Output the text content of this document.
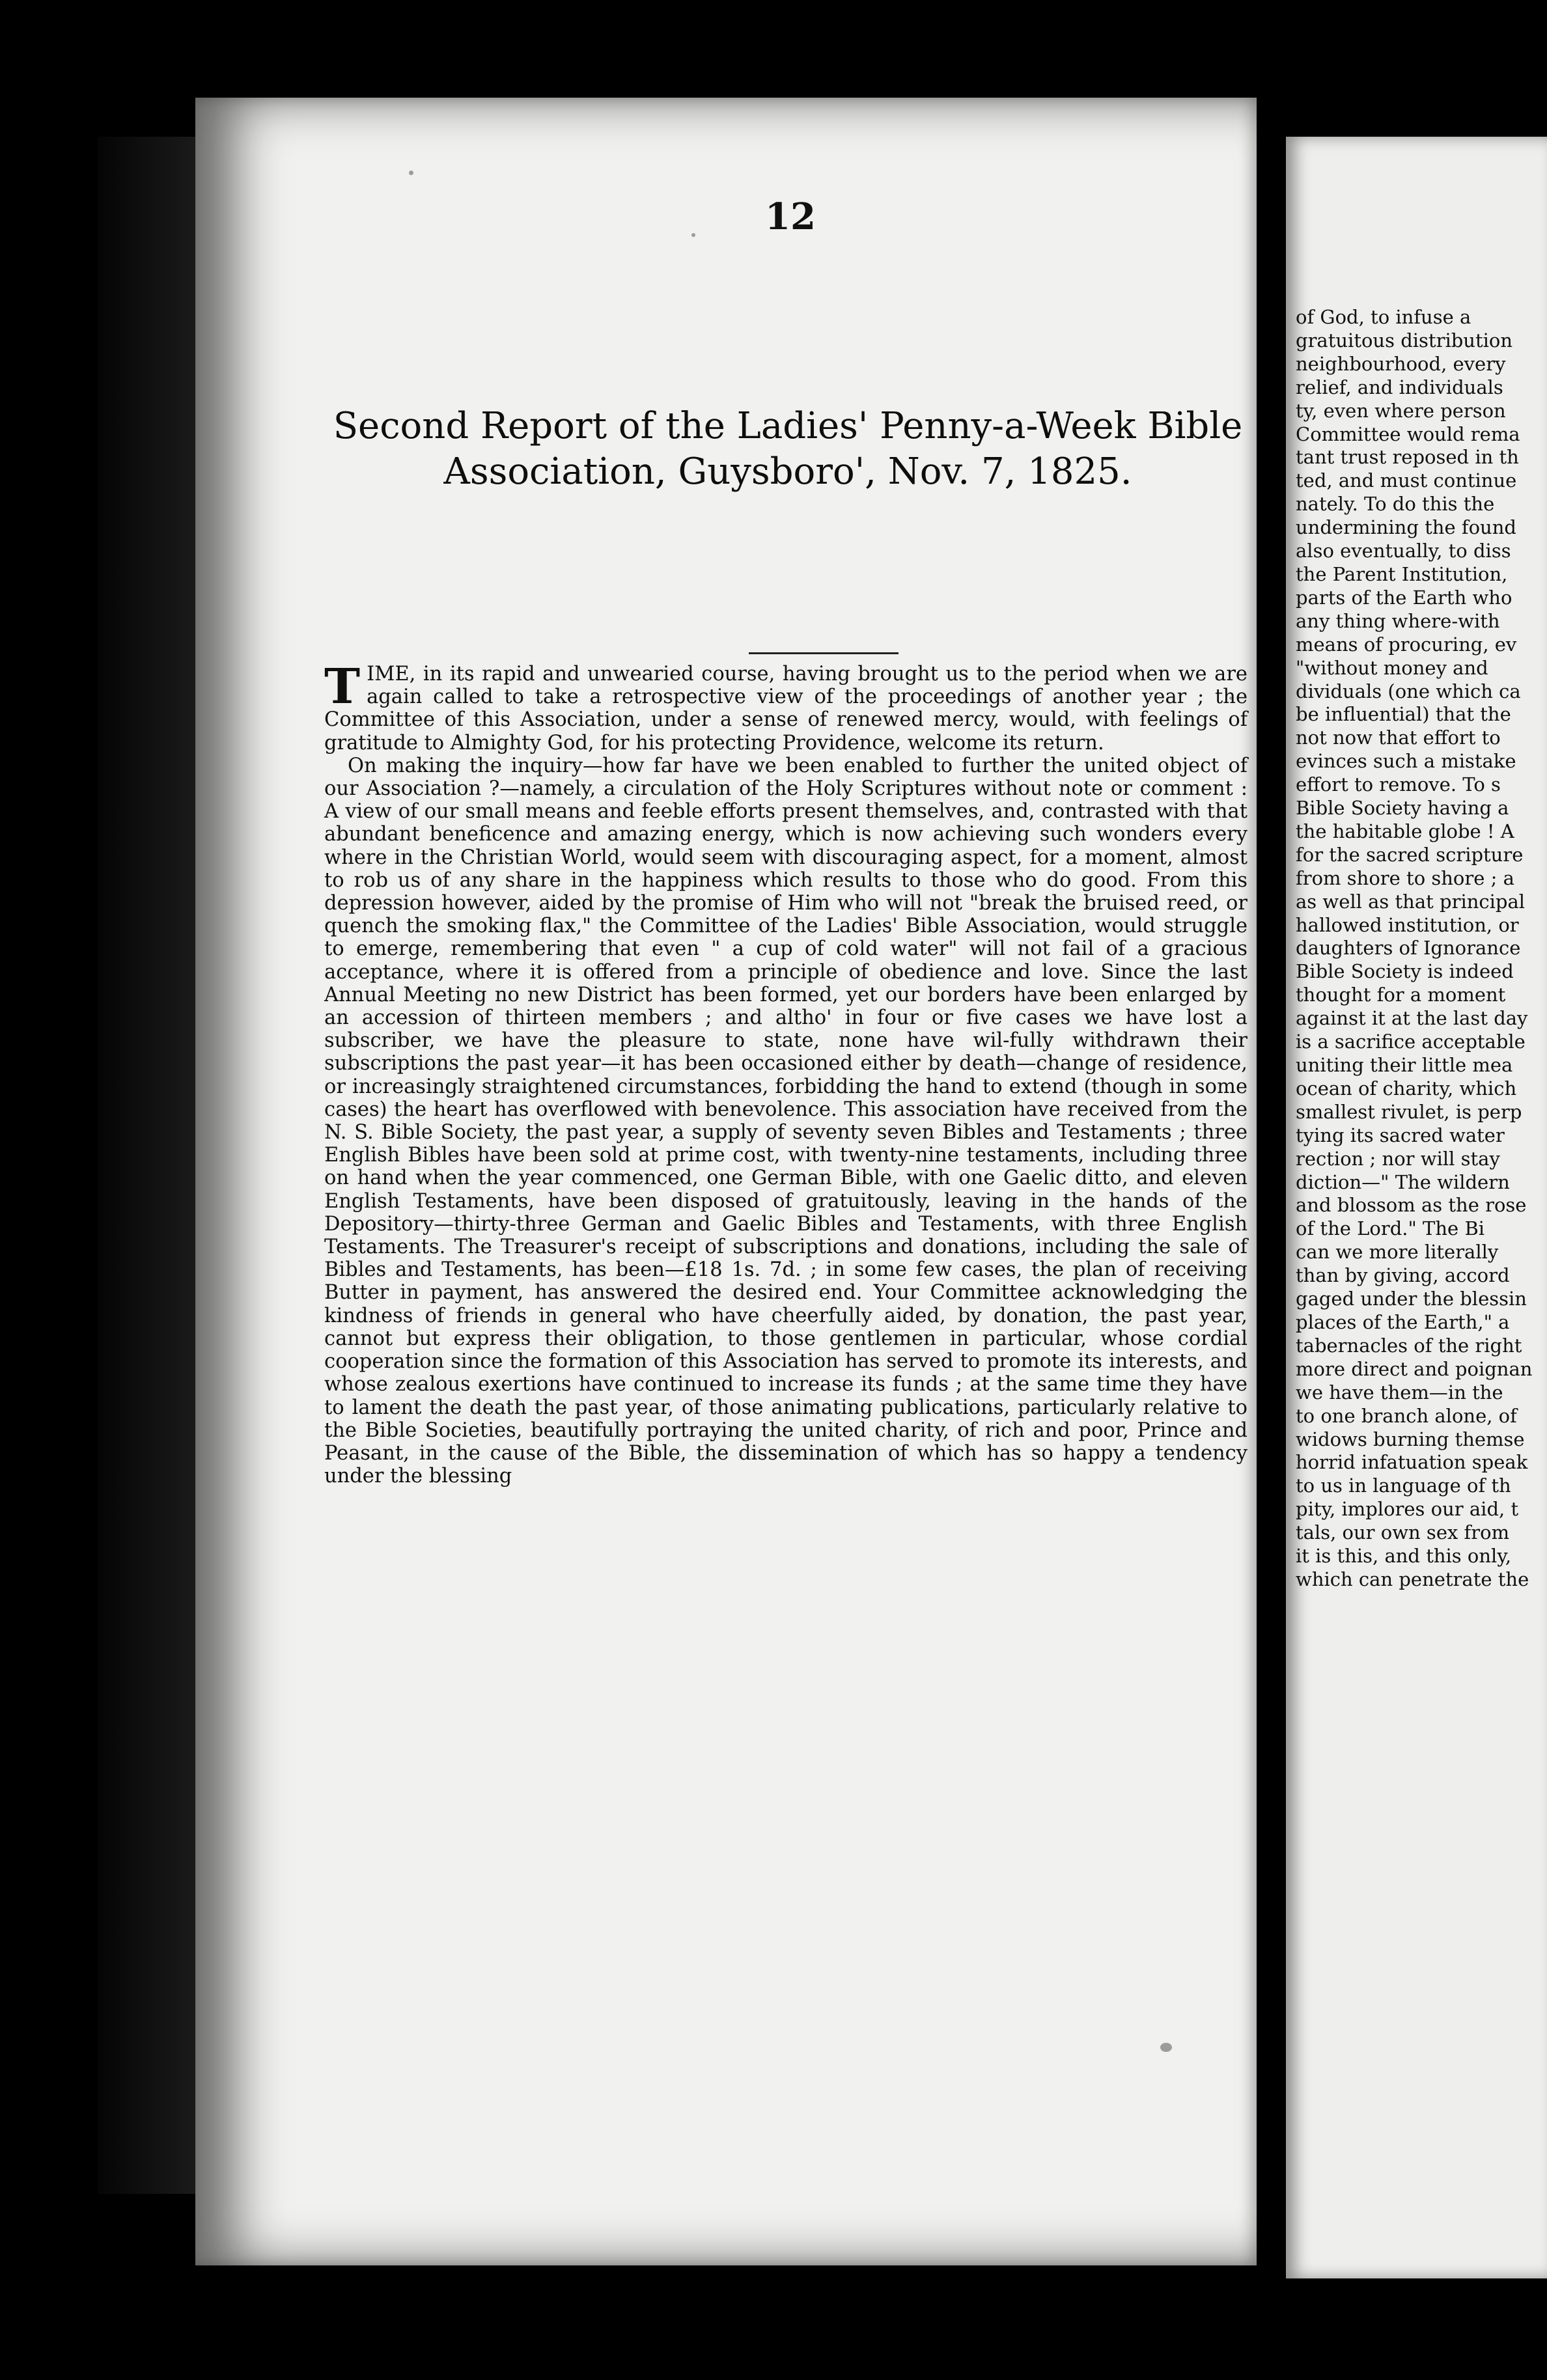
12
Second Report of the Ladies' Penny-a-Week Bible
Association, Guysboro', Nov. 7, 1825.

TIME, in its rapid and unwearied course, having brought us to the period when we are again called to take a retrospective view of the proceedings of another year ; the Committee of this Association, under a sense of renewed mercy, would, with feelings of gratitude to Almighty God, for his protecting Providence, welcome its return.

On making the inquiry—how far have we been enabled to further the united object of our Association ?—namely, a circulation of the Holy Scriptures without note or comment : A view of our small means and feeble efforts present themselves, and, contrasted with that abundant beneficence and amazing energy, which is now achieving such wonders every where in the Christian World, would seem with discouraging aspect, for a moment, almost to rob us of any share in the happiness which results to those who do good. From this depression however, aided by the promise of Him who will not "break the bruised reed, or quench the smoking flax," the Committee of the Ladies' Bible Association, would struggle to emerge, remembering that even " a cup of cold water" will not fail of a gracious acceptance, where it is offered from a principle of obedience and love. Since the last Annual Meeting no new District has been formed, yet our borders have been enlarged by an accession of thirteen members ; and altho' in four or five cases we have lost a subscriber, we have the pleasure to state, none have wil-fully withdrawn their subscriptions the past year—it has been occasioned either by death—change of residence, or increasingly straightened circumstances, forbidding the hand to extend (though in some cases) the heart has overflowed with benevolence. This association have received from the N. S. Bible Society, the past year, a supply of seventy seven Bibles and Testaments ; three English Bibles have been sold at prime cost, with twenty-nine testaments, including three on hand when the year commenced, one German Bible, with one Gaelic ditto, and eleven English Testaments, have been disposed of gratuitously, leaving in the hands of the Depository—thirty-three German and Gaelic Bibles and Testaments, with three English Testaments. The Treasurer's receipt of subscriptions and donations, including the sale of Bibles and Testaments, has been—£18 1s. 7d. ; in some few cases, the plan of receiving Butter in payment, has answered the desired end. Your Committee acknowledging the kindness of friends in general who have cheerfully aided, by donation, the past year, cannot but express their obligation, to those gentlemen in particular, whose cordial cooperation since the formation of this Association has served to promote its interests, and whose zealous exertions have continued to increase its funds ; at the same time they have to lament the death the past year, of those animating publications, particularly relative to the Bible Societies, beautifully portraying the united charity, of rich and poor, Prince and Peasant, in the cause of the Bible, the dissemination of which has so happy a tendency under the blessing

of God, to infuse a
gratuitous distribution
neighbourhood, every
relief, and individuals
ty, even where person
Committee would rema
tant trust reposed in th
ted, and must continue
nately. To do this the
undermining the found
also eventually, to diss
the Parent Institution,
parts of the Earth who
any thing where-with
means of procuring, ev
"without money and
dividuals (one which ca
be influential) that the
not now that effort to
evinces such a mistake
effort to remove. To s
Bible Society having a
the habitable globe ! A
for the sacred scripture
from shore to shore ; a
as well as that principal
hallowed institution, or
daughters of Ignorance
Bible Society is indeed
thought for a moment
against it at the last day
is a sacrifice acceptable
uniting their little mea
ocean of charity, which
smallest rivulet, is perp
tying its sacred water
rection ; nor will stay
diction—" The wildern
and blossom as the rose
of the Lord." The Bi
can we more literally
than by giving, accord
gaged under the blessin
places of the Earth," a
tabernacles of the right
more direct and poignan
we have them—in the
to one branch alone, of
widows burning themse
horrid infatuation speak
to us in language of th
pity, implores our aid, t
tals, our own sex from
it is this, and this only,
which can penetrate the
